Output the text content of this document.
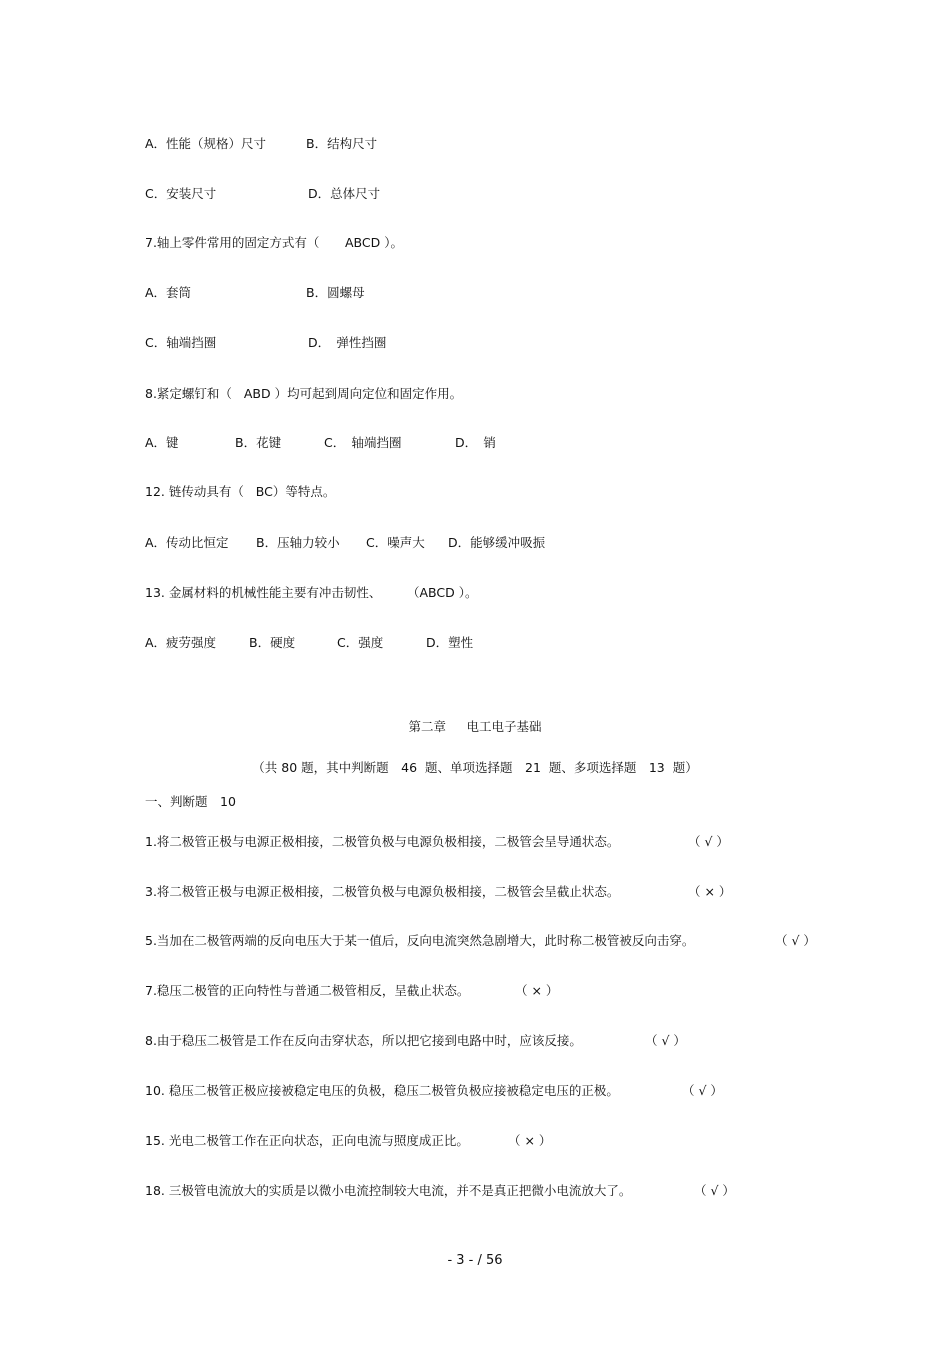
A．性能（规格）尺寸

	B．结构尺寸

C．安装尺寸

	D．总体尺寸

7.轴上零件常用的固定方式有（

ABCD ）。

A．套筒

	B．圆螺母

C．轴端挡圈

	D．　弹性挡圈

8.紧定螺钉和（   ABD ）均可起到周向定位和固定作用。

A．键

	B．花键

	C．　轴端挡圈

	D．　销

12. 链传动具有（   BC）等特点。

A．传动比恒定

B．压轴力较小

C．噪声大

D．能够缓冲吸振

13. 金属材料的机械性能主要有冲击韧性、

（ABCD ）。

A．疲劳强度

	B．硬度

	C．强度

	D．塑性

第二章　  电工电子基础
（共 80 题，其中判断题　46  题、单项选择题　21  题、多项选择题　13  题）
一、判断题　10

1.将二极管正极与电源正极相接，二极管负极与电源负极相接，二极管会呈导通状态。

	（ √ ）

3.将二极管正极与电源正极相接，二极管负极与电源负极相接，二极管会呈截止状态。

	（ × ）

5.当加在二极管两端的反向电压大于某一值后，反向电流突然急剧增大，此时称二极管被反向击穿。

	（ √ ）

7.稳压二极管的正向特性与普通二极管相反，呈截止状态。

	（ × ）

8.由于稳压二极管是工作在反向击穿状态，所以把它接到电路中时，应该反接。

	（ √ ）

10. 稳压二极管正极应接被稳定电压的负极，稳压二极管负极应接被稳定电压的正极。

	（ √ ）

15. 光电二极管工作在正向状态，正向电流与照度成正比。

	（ × ）

18. 三极管电流放大的实质是以微小电流控制较大电流，并不是真正把微小电流放大了。

	（ √ ）

- 3 - / 56
